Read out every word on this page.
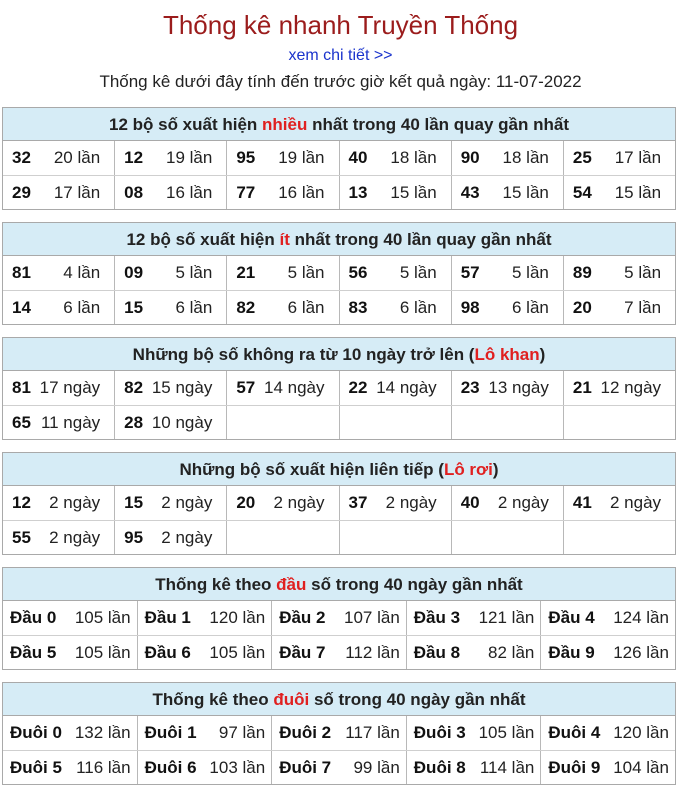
Thống kê nhanh Truyền Thống
xem chi tiết >>
Thống kê dưới đây tính đến trước giờ kết quả ngày: 11-07-2022
12 bộ số xuất hiện nhiều nhất trong 40 lần quay gần nhất
32 20 lần 12 19 lần 95 19 lần 40 18 lần 90 18 lần 25 17 lần
29 17 lần 08 16 lần 77 16 lần 13 15 lần 43 15 lần 54 15 lần
12 bộ số xuất hiện ít nhất trong 40 lần quay gần nhất
81 4 lần 09 5 lần 21 5 lần 56 5 lần 57 5 lần 89 5 lần
14 6 lần 15 6 lần 82 6 lần 83 6 lần 98 6 lần 20 7 lần
Những bộ số không ra từ 10 ngày trở lên (Lô khan)
81 17 ngày 82 15 ngày 57 14 ngày 22 14 ngày 23 13 ngày 21 12 ngày
65 11 ngày 28 10 ngày
Những bộ số xuất hiện liên tiếp (Lô rơi)
12 2 ngày 15 2 ngày 20 2 ngày 37 2 ngày 40 2 ngày 41 2 ngày
55 2 ngày 95 2 ngày
Thống kê theo đầu số trong 40 ngày gần nhất
Đầu 0 105 lần Đầu 1 120 lần Đầu 2 107 lần Đầu 3 121 lần Đầu 4 124 lần
Đầu 5 105 lần Đầu 6 105 lần Đầu 7 112 lần Đầu 8 82 lần Đầu 9 126 lần
Thống kê theo đuôi số trong 40 ngày gần nhất
Đuôi 0 132 lần Đuôi 1 97 lần Đuôi 2 117 lần Đuôi 3 105 lần Đuôi 4 120 lần
Đuôi 5 116 lần Đuôi 6 103 lần Đuôi 7 99 lần Đuôi 8 114 lần Đuôi 9 104 lần
